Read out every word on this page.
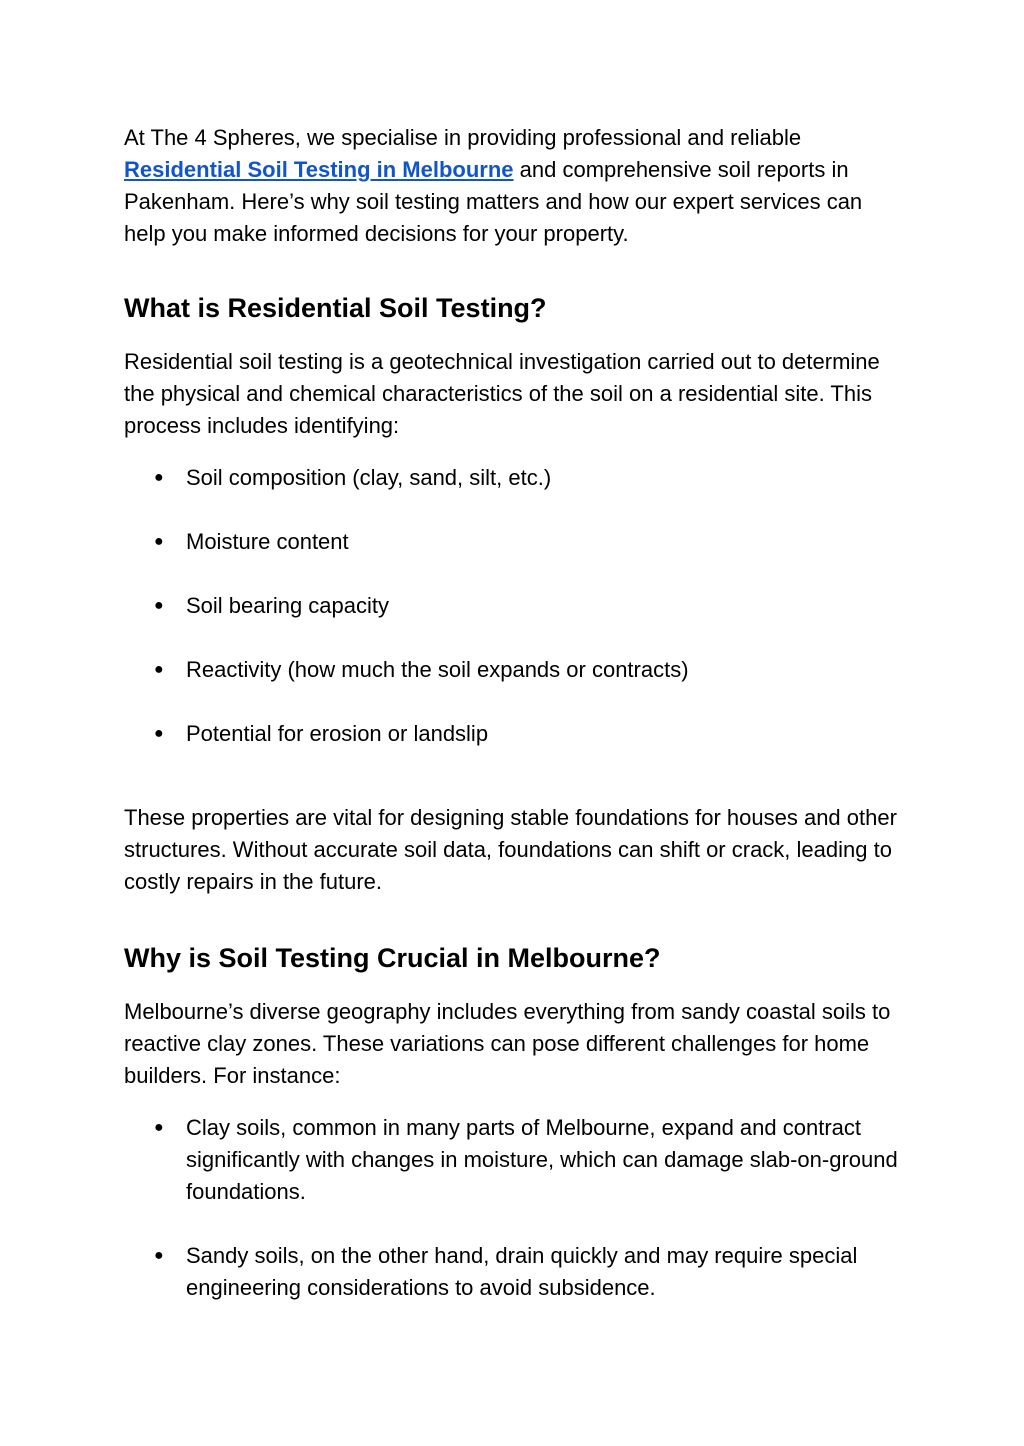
At The 4 Spheres, we specialise in providing professional and reliable Residential Soil Testing in Melbourne and comprehensive soil reports in Pakenham. Here’s why soil testing matters and how our expert services can help you make informed decisions for your property.

What is Residential Soil Testing?

Residential soil testing is a geotechnical investigation carried out to determine the physical and chemical characteristics of the soil on a residential site. This process includes identifying:

● Soil composition (clay, sand, silt, etc.)
● Moisture content
● Soil bearing capacity
● Reactivity (how much the soil expands or contracts)
● Potential for erosion or landslip

These properties are vital for designing stable foundations for houses and other structures. Without accurate soil data, foundations can shift or crack, leading to costly repairs in the future.

Why is Soil Testing Crucial in Melbourne?

Melbourne’s diverse geography includes everything from sandy coastal soils to reactive clay zones. These variations can pose different challenges for home builders. For instance:

● Clay soils, common in many parts of Melbourne, expand and contract significantly with changes in moisture, which can damage slab-on-ground foundations.
● Sandy soils, on the other hand, drain quickly and may require special engineering considerations to avoid subsidence.
